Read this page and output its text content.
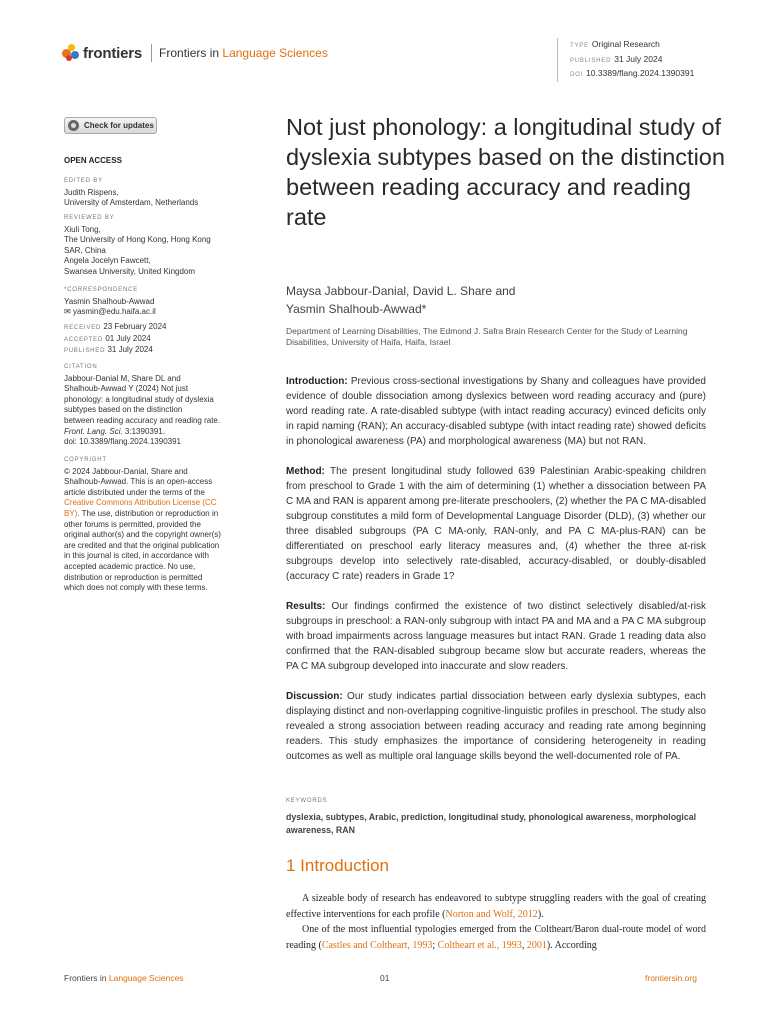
frontiers Frontiers in Language Sciences	TYPE Original Research
PUBLISHED 31 July 2024
DOI 10.3389/flang.2024.1390391
Check for updates
OPEN ACCESS
EDITED BY
Judith Rispens,
University of Amsterdam, Netherlands
REVIEWED BY
Xiuli Tong,
The University of Hong Kong, Hong Kong
SAR, China
Angela Jocelyn Fawcett,
Swansea University, United Kingdom
*CORRESPONDENCE
Yasmin Shalhoub-Awwad
✉ yasmin@edu.haifa.ac.il
RECEIVED 23 February 2024
ACCEPTED 01 July 2024
PUBLISHED 31 July 2024
CITATION
Jabbour-Danial M, Share DL and
Shalhoub-Awwad Y (2024) Not just
phonology: a longitudinal study of dyslexia
subtypes based on the distinction
between reading accuracy and reading rate.
Front. Lang. Sci. 3:1390391.
doi: 10.3389/flang.2024.1390391
COPYRIGHT
© 2024 Jabbour-Danial, Share and
Shalhoub-Awwad. This is an open-access
article distributed under the terms of the
Creative Commons Attribution License (CC
BY). The use, distribution or reproduction in
other forums is permitted, provided the
original author(s) and the copyright owner(s)
are credited and that the original publication
in this journal is cited, in accordance with
accepted academic practice. No use,
distribution or reproduction is permitted
which does not comply with these terms.
Not just phonology: a longitudinal study of dyslexia subtypes based on the distinction between reading accuracy and reading rate
Maysa Jabbour-Danial, David L. Share and
Yasmin Shalhoub-Awwad*
Department of Learning Disabilities, The Edmond J. Safra Brain Research Center for the Study of Learning Disabilities, University of Haifa, Haifa, Israel
Introduction: Previous cross-sectional investigations by Shany and colleagues have provided evidence of double dissociation among dyslexics between word reading accuracy and (pure) word reading rate. A rate-disabled subtype (with intact reading accuracy) evinced deficits only in rapid naming (RAN); An accuracy-disabled subtype (with intact reading rate) showed deficits in phonological awareness (PA) and morphological awareness (MA) but not RAN.
Method: The present longitudinal study followed 639 Palestinian Arabic-speaking children from preschool to Grade 1 with the aim of determining (1) whether a dissociation between PA C MA and RAN is apparent among pre-literate preschoolers, (2) whether the PA C MA-disabled subgroup constitutes a mild form of Developmental Language Disorder (DLD), (3) whether our three disabled subgroups (PA C MA-only, RAN-only, and PA C MA-plus-RAN) can be differentiated on preschool early literacy measures and, (4) whether the three at-risk subgroups develop into selectively rate-disabled, accuracy-disabled, or doubly-disabled (accuracy C rate) readers in Grade 1?
Results: Our findings confirmed the existence of two distinct selectively disabled/at-risk subgroups in preschool: a RAN-only subgroup with intact PA and MA and a PA C MA subgroup with broad impairments across language measures but intact RAN. Grade 1 reading data also confirmed that the RAN-disabled subgroup became slow but accurate readers, whereas the PA C MA subgroup developed into inaccurate and slow readers.
Discussion: Our study indicates partial dissociation between early dyslexia subtypes, each displaying distinct and non-overlapping cognitive-linguistic profiles in preschool. The study also revealed a strong association between reading accuracy and reading rate among beginning readers. This study emphasizes the importance of considering heterogeneity in reading outcomes as well as multiple oral language skills beyond the well-documented role of PA.
KEYWORDS
dyslexia, subtypes, Arabic, prediction, longitudinal study, phonological awareness, morphological awareness, RAN
1 Introduction
A sizeable body of research has endeavored to subtype struggling readers with the goal of creating effective interventions for each profile (Norton and Wolf, 2012).
One of the most influential typologies emerged from the Coltheart/Baron dual-route model of word reading (Castles and Coltheart, 1993; Coltheart et al., 1993, 2001). According
Frontiers in Language Sciences	01	frontiersin.org
